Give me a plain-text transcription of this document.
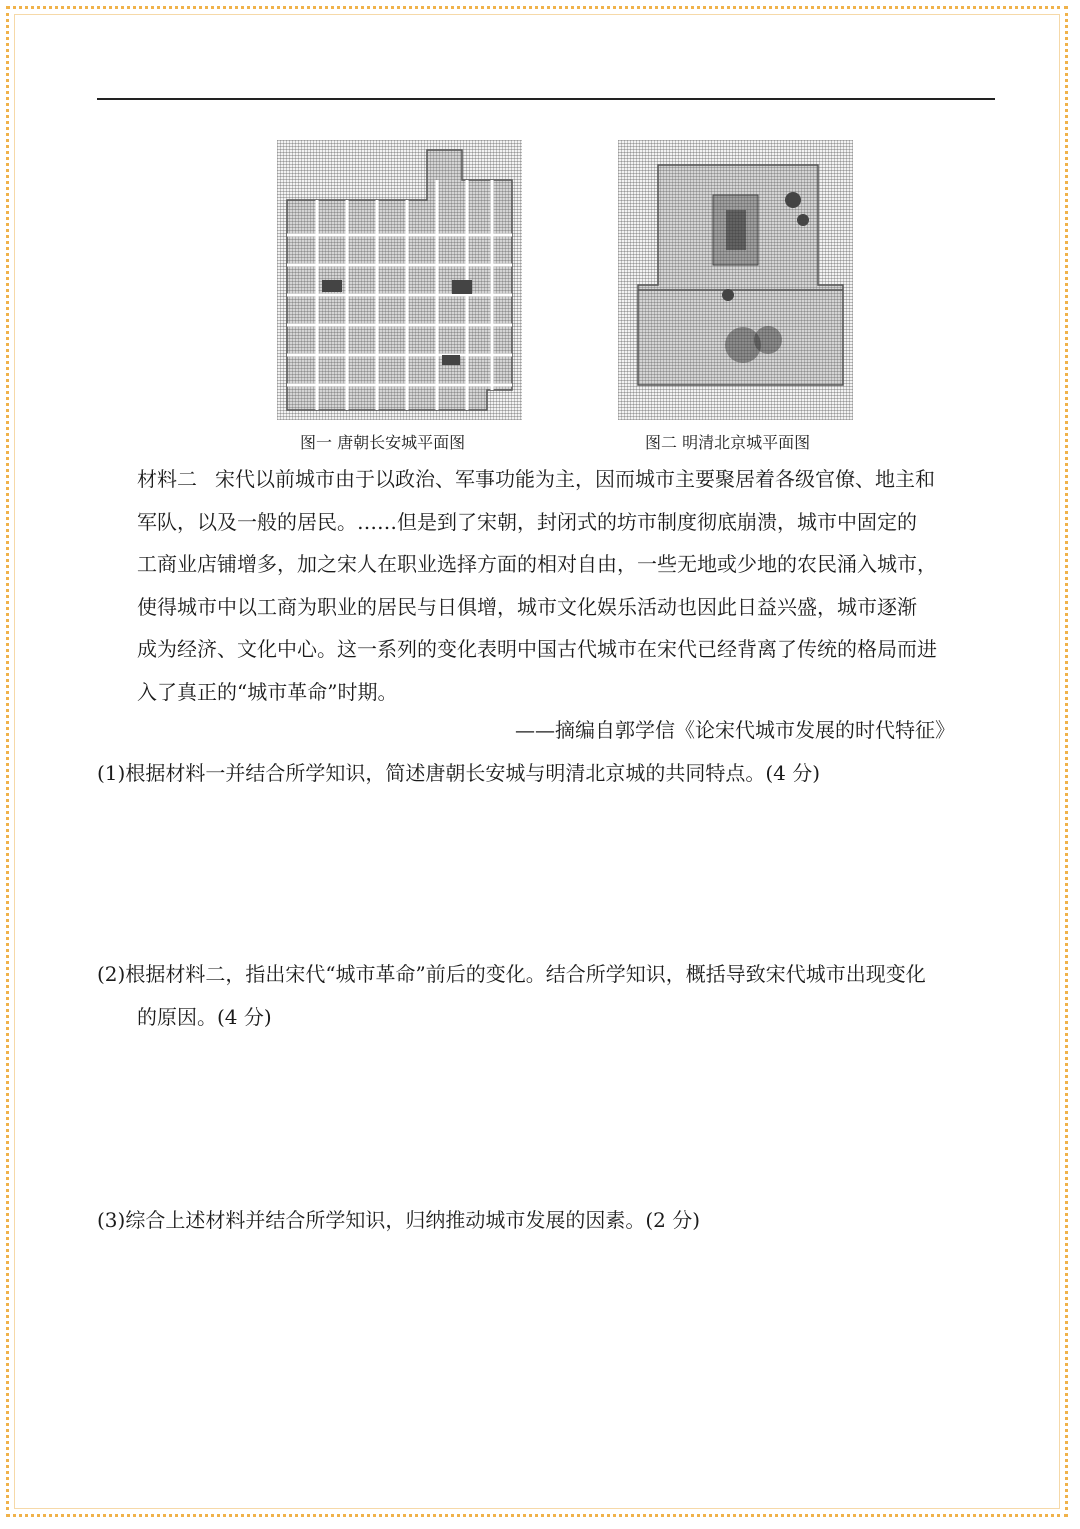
图一 唐朝长安城平面图	图二 明清北京城平面图
材料二 宋代以前城市由于以政治、军事功能为主，因而城市主要聚居着各级官僚、地主和
军队，以及一般的居民。……但是到了宋朝，封闭式的坊市制度彻底崩溃，城市中固定的
工商业店铺增多，加之宋人在职业选择方面的相对自由，一些无地或少地的农民涌入城市，
使得城市中以工商为职业的居民与日俱增，城市文化娱乐活动也因此日益兴盛，城市逐渐
成为经济、文化中心。这一系列的变化表明中国古代城市在宋代已经背离了传统的格局而进
入了真正的“城市革命”时期。
——摘编自郭学信《论宋代城市发展的时代特征》
(1)根据材料一并结合所学知识，简述唐朝长安城与明清北京城的共同特点。(4 分)
(2)根据材料二，指出宋代“城市革命”前后的变化。结合所学知识，概括导致宋代城市出现变化
的原因。(4 分)
(3)综合上述材料并结合所学知识，归纳推动城市发展的因素。(2 分)
